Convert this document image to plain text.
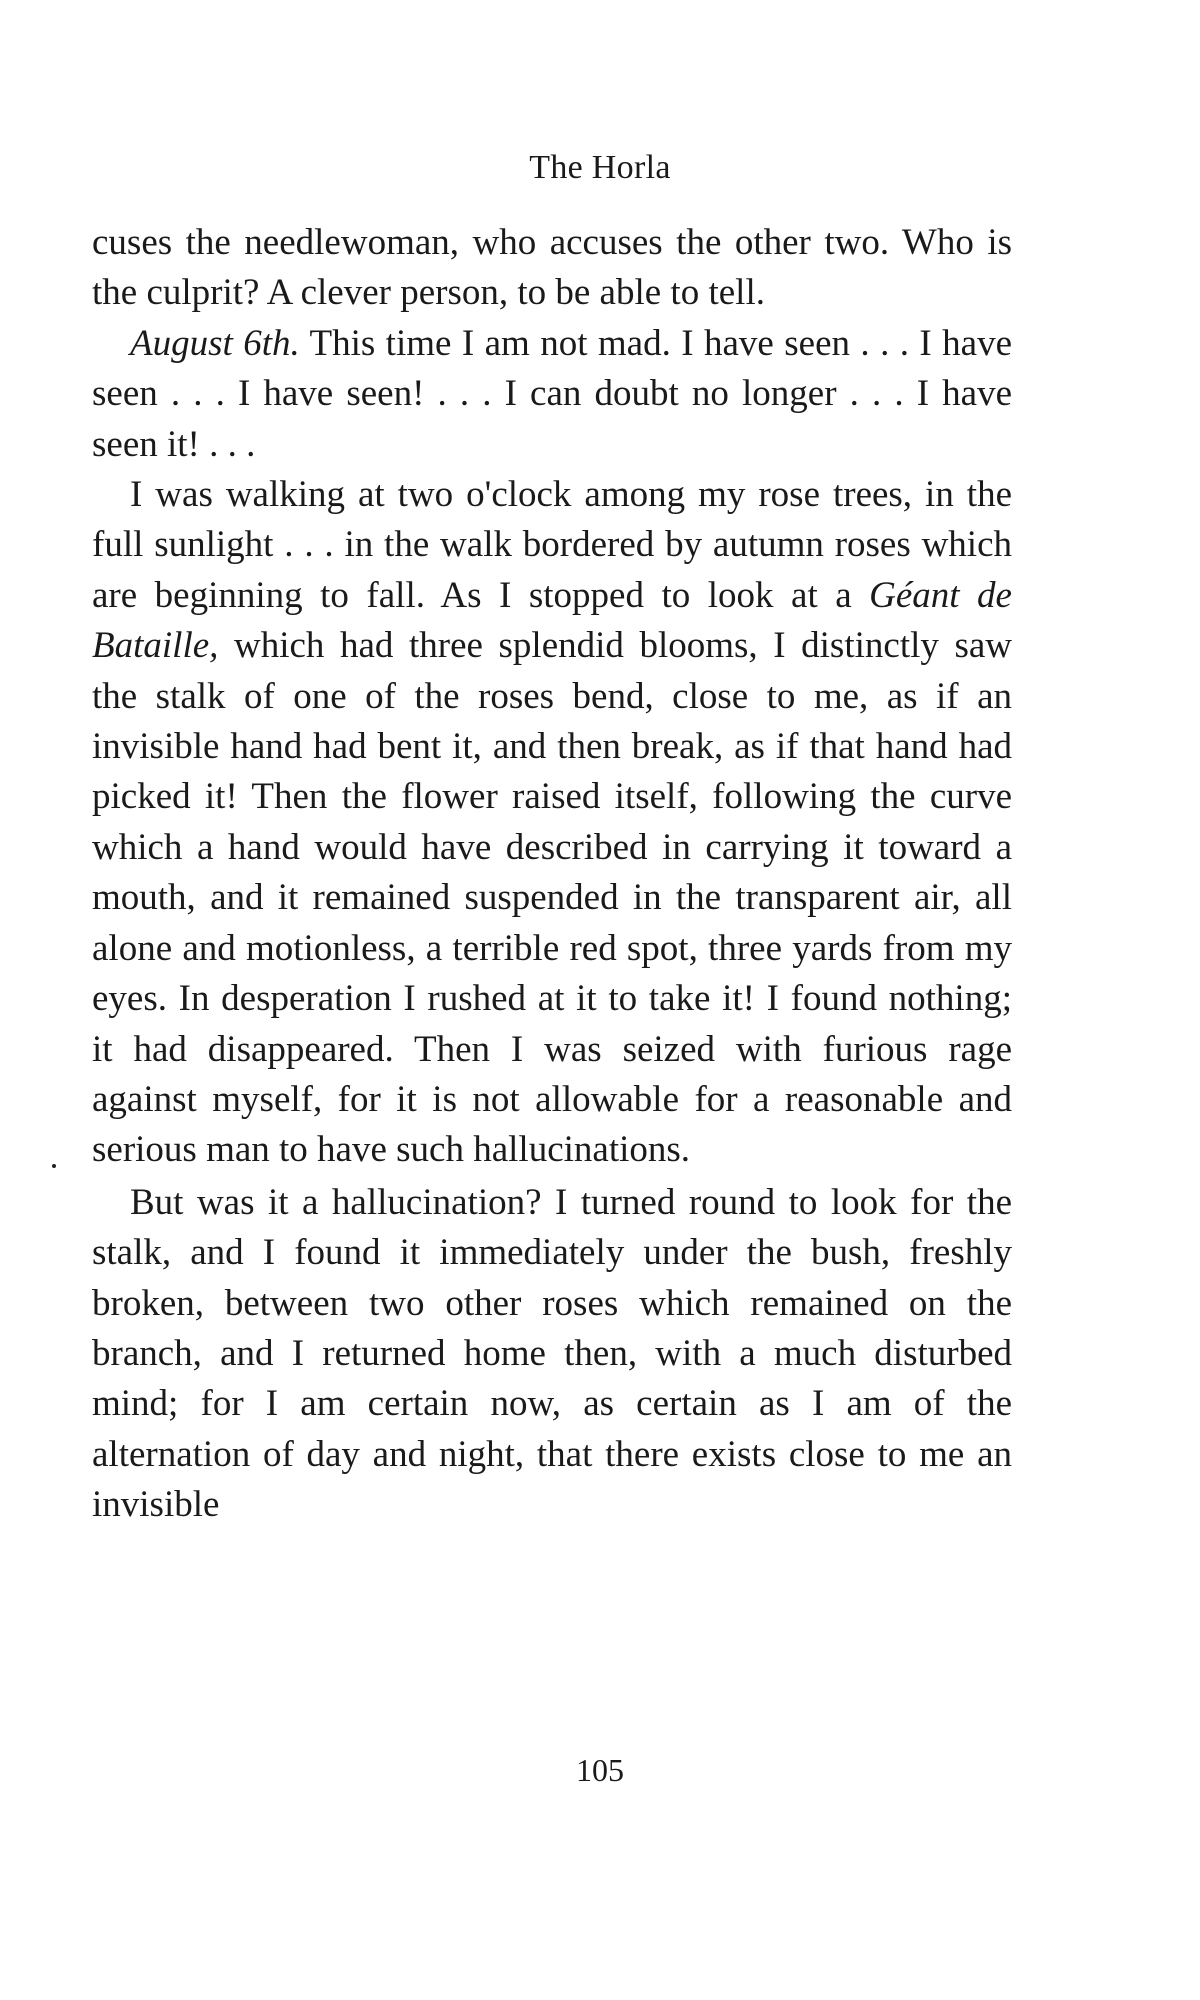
The Horla

cuses the needlewoman, who accuses the other two. Who is the culprit? A clever person, to be able to tell.

August 6th. This time I am not mad. I have seen . . . I have seen . . . I have seen! . . . I can doubt no longer . . . I have seen it! . . .

I was walking at two o'clock among my rose trees, in the full sunlight . . . in the walk bordered by autumn roses which are beginning to fall. As I stopped to look at a Géant de Bataille, which had three splendid blooms, I distinctly saw the stalk of one of the roses bend, close to me, as if an invisible hand had bent it, and then break, as if that hand had picked it! Then the flower raised itself, following the curve which a hand would have described in carrying it toward a mouth, and it remained suspended in the transparent air, all alone and motionless, a terrible red spot, three yards from my eyes. In desperation I rushed at it to take it! I found nothing; it had disappeared. Then I was seized with furious rage against myself, for it is not allowable for a reasonable and serious man to have such hallucinations.

But was it a hallucination? I turned round to look for the stalk, and I found it immediately under the bush, freshly broken, between two other roses which remained on the branch, and I returned home then, with a much disturbed mind; for I am certain now, as certain as I am of the alternation of day and night, that there exists close to me an invisible

105
